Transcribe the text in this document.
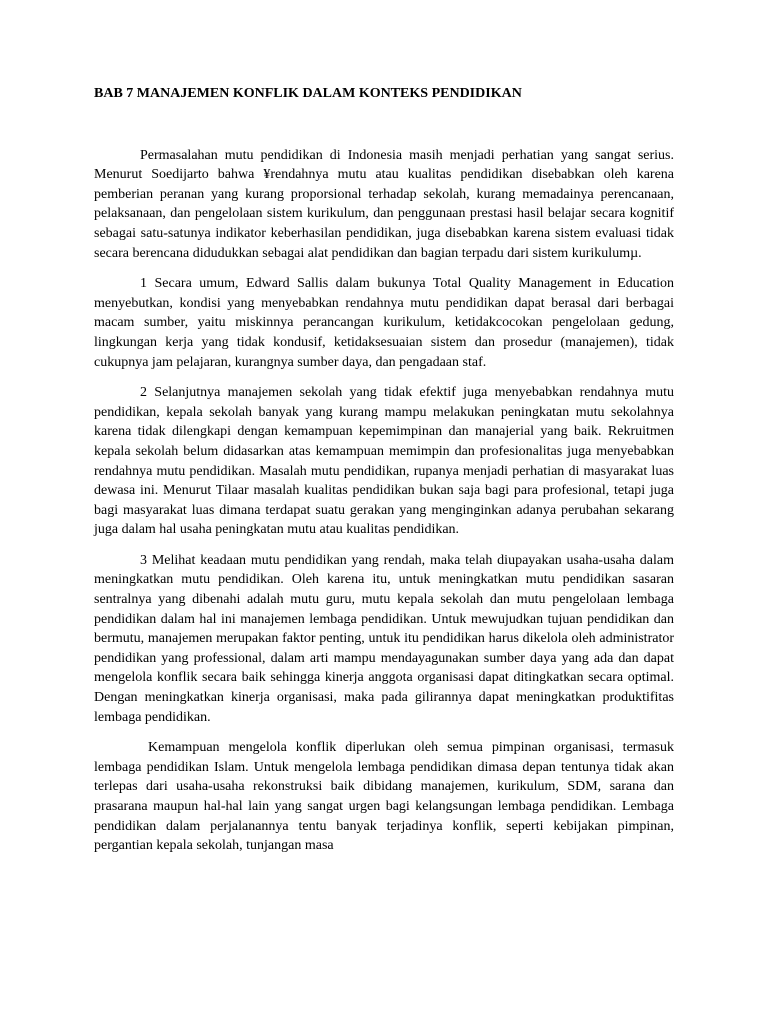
BAB 7 MANAJEMEN KONFLIK DALAM KONTEKS PENDIDIKAN

Permasalahan mutu pendidikan di Indonesia masih menjadi perhatian yang sangat serius. Menurut Soedijarto bahwa ¥rendahnya mutu atau kualitas pendidikan disebabkan oleh karena pemberian peranan yang kurang proporsional terhadap sekolah, kurang memadainya perencanaan, pelaksanaan, dan pengelolaan sistem kurikulum, dan penggunaan prestasi hasil belajar secara kognitif sebagai satu-satunya indikator keberhasilan pendidikan, juga disebabkan karena sistem evaluasi tidak secara berencana didudukkan sebagai alat pendidikan dan bagian terpadu dari sistem kurikulumµ.

1 Secara umum, Edward Sallis dalam bukunya Total Quality Management in Education menyebutkan, kondisi yang menyebabkan rendahnya mutu pendidikan dapat berasal dari berbagai macam sumber, yaitu miskinnya perancangan kurikulum, ketidakcocokan pengelolaan gedung, lingkungan kerja yang tidak kondusif, ketidaksesuaian sistem dan prosedur (manajemen), tidak cukupnya jam pelajaran, kurangnya sumber daya, dan pengadaan staf.

2 Selanjutnya manajemen sekolah yang tidak efektif juga menyebabkan rendahnya mutu pendidikan, kepala sekolah banyak yang kurang mampu melakukan peningkatan mutu sekolahnya karena tidak dilengkapi dengan kemampuan kepemimpinan dan manajerial yang baik. Rekruitmen kepala sekolah belum didasarkan atas kemampuan memimpin dan profesionalitas juga menyebabkan rendahnya mutu pendidikan. Masalah mutu pendidikan, rupanya menjadi perhatian di masyarakat luas dewasa ini. Menurut Tilaar masalah kualitas pendidikan bukan saja bagi para profesional, tetapi juga bagi masyarakat luas dimana terdapat suatu gerakan yang menginginkan adanya perubahan sekarang juga dalam hal usaha peningkatan mutu atau kualitas pendidikan.

3 Melihat keadaan mutu pendidikan yang rendah, maka telah diupayakan usaha-usaha dalam meningkatkan mutu pendidikan. Oleh karena itu, untuk meningkatkan mutu pendidikan sasaran sentralnya yang dibenahi adalah mutu guru, mutu kepala sekolah dan mutu pengelolaan lembaga pendidikan dalam hal ini manajemen lembaga pendidikan. Untuk mewujudkan tujuan pendidikan dan bermutu, manajemen merupakan faktor penting, untuk itu pendidikan harus dikelola oleh administrator pendidikan yang professional, dalam arti mampu mendayagunakan sumber daya yang ada dan dapat mengelola konflik secara baik sehingga kinerja anggota organisasi dapat ditingkatkan secara optimal. Dengan meningkatkan kinerja organisasi, maka pada gilirannya dapat meningkatkan produktifitas lembaga pendidikan.

Kemampuan mengelola konflik diperlukan oleh semua pimpinan organisasi, termasuk lembaga pendidikan Islam. Untuk mengelola lembaga pendidikan dimasa depan tentunya tidak akan terlepas dari usaha-usaha rekonstruksi baik dibidang manajemen, kurikulum, SDM, sarana dan prasarana maupun hal-hal lain yang sangat urgen bagi kelangsungan lembaga pendidikan. Lembaga pendidikan dalam perjalanannya tentu banyak terjadinya konflik, seperti kebijakan pimpinan, pergantian kepala sekolah, tunjangan masa
